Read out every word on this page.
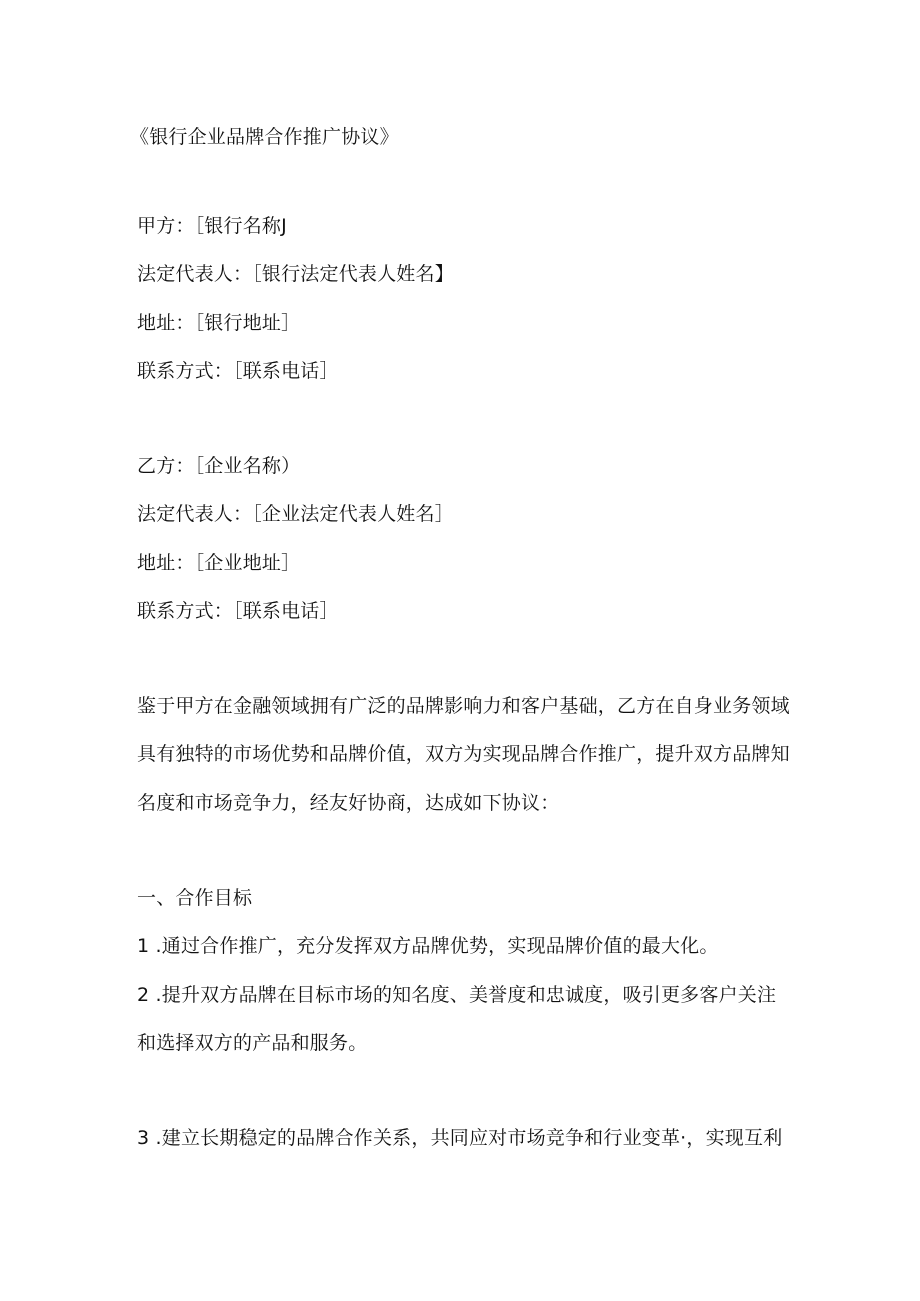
《银行企业品牌合作推广协议》
甲方：［银行名称J
法定代表人：［银行法定代表人姓名】
地址：［银行地址］
联系方式：［联系电话］
乙方：［企业名称）
法定代表人：［企业法定代表人姓名］
地址：［企业地址］
联系方式：［联系电话］
鉴于甲方在金融领域拥有广泛的品牌影响力和客户基础，乙方在自身业务领域
具有独特的市场优势和品牌价值，双方为实现品牌合作推广，提升双方品牌知
名度和市场竞争力，经友好协商，达成如下协议：
一、合作目标
1 .通过合作推广，充分发挥双方品牌优势，实现品牌价值的最大化。
2 .提升双方品牌在目标市场的知名度、美誉度和忠诚度，吸引更多客户关注
和选择双方的产品和服务。
3 .建立长期稳定的品牌合作关系，共同应对市场竞争和行业变革·，实现互利
